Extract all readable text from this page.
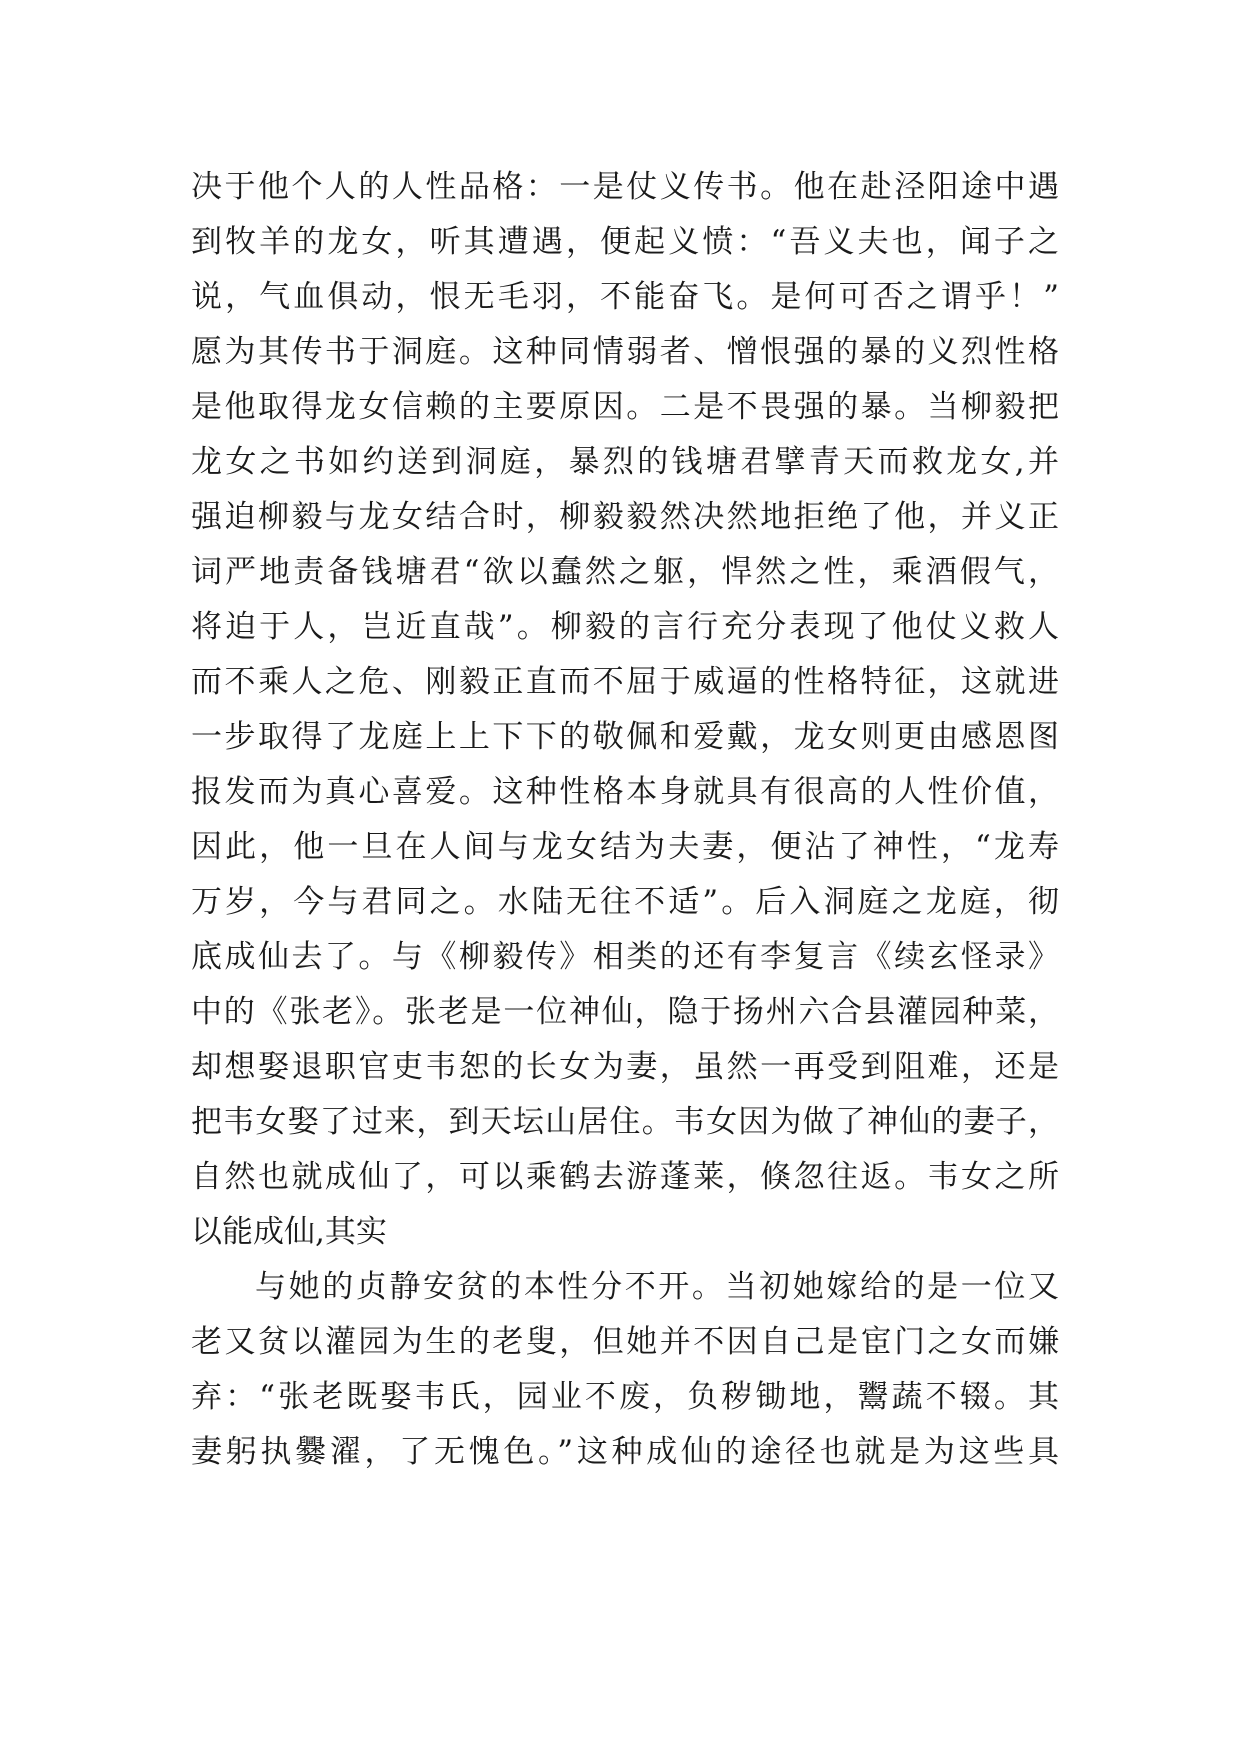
决于他个人的人性品格：一是仗义传书。他在赴泾阳途中遇
到牧羊的龙女，听其遭遇，便起义愤：“吾义夫也，闻子之
说，气血俱动，恨无毛羽，不能奋飞。是何可否之谓乎！”
愿为其传书于洞庭。这种同情弱者、憎恨强的暴的义烈性格
是他取得龙女信赖的主要原因。二是不畏强的暴。当柳毅把
龙女之书如约送到洞庭，暴烈的钱塘君擘青天而救龙女,并
强迫柳毅与龙女结合时，柳毅毅然决然地拒绝了他，并义正
词严地责备钱塘君“欲以蠢然之躯，悍然之性，乘酒假气，
将迫于人，岂近直哉”。柳毅的言行充分表现了他仗义救人
而不乘人之危、刚毅正直而不屈于威逼的性格特征，这就进
一步取得了龙庭上上下下的敬佩和爱戴，龙女则更由感恩图
报发而为真心喜爱。这种性格本身就具有很高的人性价值，
因此，他一旦在人间与龙女结为夫妻，便沾了神性，“龙寿
万岁，今与君同之。水陆无往不适”。后入洞庭之龙庭，彻
底成仙去了。与《柳毅传》相类的还有李复言《续玄怪录》
中的《张老》。张老是一位神仙，隐于扬州六合县灌园种菜，
却想娶退职官吏韦恕的长女为妻，虽然一再受到阻难，还是
把韦女娶了过来，到天坛山居住。韦女因为做了神仙的妻子，
自然也就成仙了，可以乘鹤去游蓬莱，倏忽往返。韦女之所
以能成仙,其实
与她的贞静安贫的本性分不开。当初她嫁给的是一位又
老又贫以灌园为生的老叟，但她并不因自己是宦门之女而嫌
弃：“张老既娶韦氏，园业不废，负秽锄地，鬻蔬不辍。其
妻躬执爨濯，了无愧色。”这种成仙的途径也就是为这些具
